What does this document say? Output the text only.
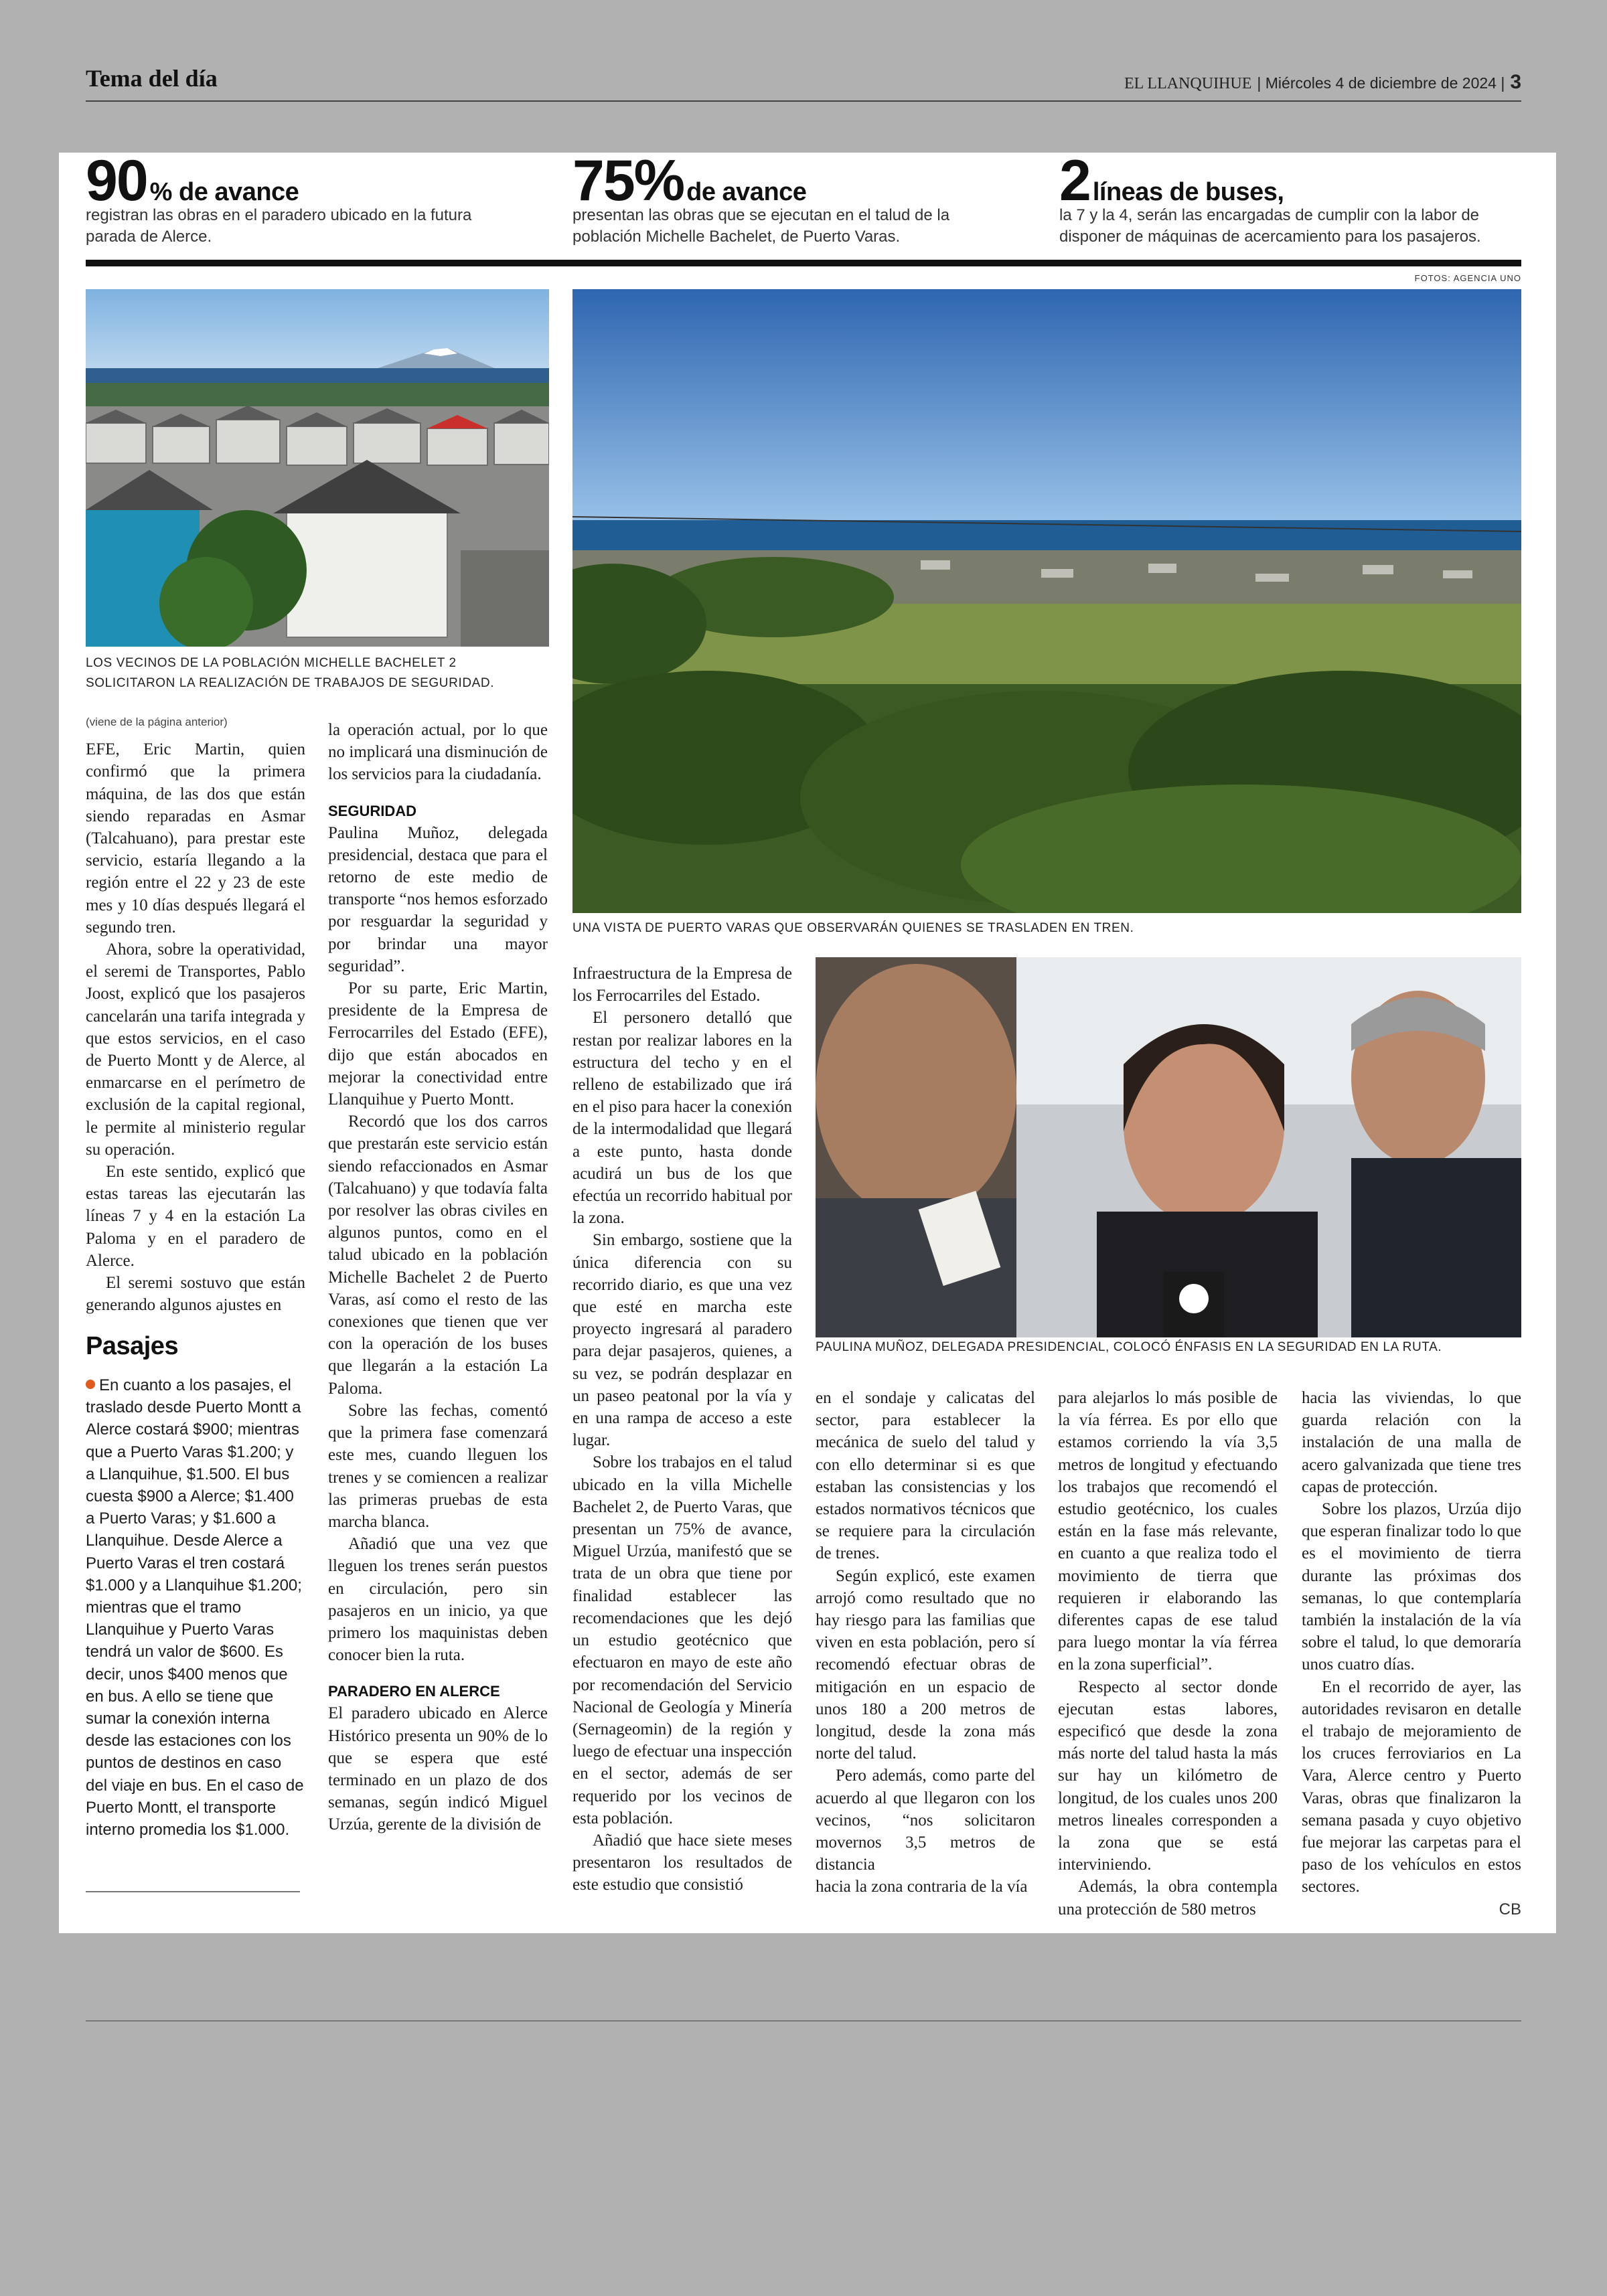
Tema del día	EL LLANQUIHUE | Miércoles 4 de diciembre de 2024 | 3
90 % de avance
registran las obras en el paradero ubicado en la futura parada de Alerce.
75% de avance
presentan las obras que se ejecutan en el talud de la población Michelle Bachelet, de Puerto Varas.
2 líneas de buses,
la 7 y la 4, serán las encargadas de cumplir con la labor de disponer de máquinas de acercamiento para los pasajeros.
FOTOS: AGENCIA UNO
LOS VECINOS DE LA POBLACIÓN MICHELLE BACHELET 2 SOLICITARON LA REALIZACIÓN DE TRABAJOS DE SEGURIDAD.
UNA VISTA DE PUERTO VARAS QUE OBSERVARÁN QUIENES SE TRASLADEN EN TREN.
PAULINA MUÑOZ, DELEGADA PRESIDENCIAL, COLOCÓ ÉNFASIS EN LA SEGURIDAD EN LA RUTA.
(viene de la página anterior)

EFE, Eric Martin, quien confirmó que la primera máquina, de las dos que están siendo reparadas en Asmar (Talcahuano), para prestar este servicio, estaría llegando a la región entre el 22 y 23 de este mes y 10 días después llegará el segundo tren.

Ahora, sobre la operatividad, el seremi de Transportes, Pablo Joost, explicó que los pasajeros cancelarán una tarifa integrada y que estos servicios, en el caso de Puerto Montt y de Alerce, al enmarcarse en el perímetro de exclusión de la capital regional, le permite al ministerio regular su operación.

En este sentido, explicó que estas tareas las ejecutarán las líneas 7 y 4 en la estación La Paloma y en el paradero de Alerce.

El seremi sostuvo que están generando algunos ajustes en

Pasajes
En cuanto a los pasajes, el traslado desde Puerto Montt a Alerce costará $900; mientras que a Puerto Varas $1.200; y a Llanquihue, $1.500. El bus cuesta $900 a Alerce; $1.400 a Puerto Varas; y $1.600 a Llanquihue. Desde Alerce a Puerto Varas el tren costará $1.000 y a Llanquihue $1.200; mientras que el tramo Llanquihue y Puerto Varas tendrá un valor de $600. Es decir, unos $400 menos que en bus. A ello se tiene que sumar la conexión interna desde las estaciones con los puntos de destinos en caso del viaje en bus. En el caso de Puerto Montt, el transporte interno promedia los $1.000.

la operación actual, por lo que no implicará una disminución de los servicios para la ciudadanía.

SEGURIDAD

Paulina Muñoz, delegada presidencial, destaca que para el retorno de este medio de transporte “nos hemos esforzado por resguardar la seguridad y por brindar una mayor seguridad”.

Por su parte, Eric Martin, presidente de la Empresa de Ferrocarriles del Estado (EFE), dijo que están abocados en mejorar la conectividad entre Llanquihue y Puerto Montt.

Recordó que los dos carros que prestarán este servicio están siendo refaccionados en Asmar (Talcahuano) y que todavía falta por resolver las obras civiles en algunos puntos, como en el talud ubicado en la población Michelle Bachelet 2 de Puerto Varas, así como el resto de las conexiones que tienen que ver con la operación de los buses que llegarán a la estación La Paloma.

Sobre las fechas, comentó que la primera fase comenzará este mes, cuando lleguen los trenes y se comiencen a realizar las primeras pruebas de esta marcha blanca.

Añadió que una vez que lleguen los trenes serán puestos en circulación, pero sin pasajeros en un inicio, ya que primero los maquinistas deben conocer bien la ruta.

PARADERO EN ALERCE

El paradero ubicado en Alerce Histórico presenta un 90% de lo que se espera que esté terminado en un plazo de dos semanas, según indicó Miguel Urzúa, gerente de la división de

Infraestructura de la Empresa de los Ferrocarriles del Estado.

El personero detalló que restan por realizar labores en la estructura del techo y en el relleno de estabilizado que irá en el piso para hacer la conexión de la intermodalidad que llegará a este punto, hasta donde acudirá un bus de los que efectúa un recorrido habitual por la zona.

Sin embargo, sostiene que la única diferencia con su recorrido diario, es que una vez que esté en marcha este proyecto ingresará al paradero para dejar pasajeros, quienes, a su vez, se podrán desplazar en un paseo peatonal por la vía y en una rampa de acceso a este lugar.

Sobre los trabajos en el talud ubicado en la villa Michelle Bachelet 2, de Puerto Varas, que presentan un 75% de avance, Miguel Urzúa, manifestó que se trata de un obra que tiene por finalidad establecer las recomendaciones que les dejó un estudio geotécnico que efectuaron en mayo de este año por recomendación del Servicio Nacional de Geología y Minería (Sernageomin) de la región y luego de efectuar una inspección en el sector, además de ser requerido por los vecinos de esta población.

Añadió que hace siete meses presentaron los resultados de este estudio que consistió

en el sondaje y calicatas del sector, para establecer la mecánica de suelo del talud y con ello determinar si es que estaban las consistencias y los estados normativos técnicos que se requiere para la circulación de trenes.

Según explicó, este examen arrojó como resultado que no hay riesgo para las familias que viven en esta población, pero sí recomendó efectuar obras de mitigación en un espacio de unos 180 a 200 metros de longitud, desde la zona más norte del talud.

Pero además, como parte del acuerdo al que llegaron con los vecinos, “nos solicitaron movernos 3,5 metros de distancia

hacia la zona contraria de la vía

para alejarlos lo más posible de la vía férrea. Es por ello que estamos corriendo la vía 3,5 metros de longitud y efectuando los trabajos que recomendó el estudio geotécnico, los cuales están en la fase más relevante, en cuanto a que realiza todo el movimiento de tierra que requieren ir elaborando las diferentes capas de ese talud para luego montar la vía férrea en la zona superficial”.

Respecto al sector donde ejecutan estas labores, especificó que desde la zona más norte del talud hasta la más sur hay un kilómetro de longitud, de los cuales unos 200 metros lineales corresponden a la zona que se está interviniendo.

Además, la obra contempla una protección de 580 metros

hacia las viviendas, lo que guarda relación con la instalación de una malla de acero galvanizada que tiene tres capas de protección.

Sobre los plazos, Urzúa dijo que esperan finalizar todo lo que es el movimiento de tierra durante las próximas dos semanas, lo que contemplaría también la instalación de la vía sobre el talud, lo que demoraría unos cuatro días.

En el recorrido de ayer, las autoridades revisaron en detalle el trabajo de mejoramiento de los cruces ferroviarios en La Vara, Alerce centro y Puerto Varas, obras que finalizaron la semana pasada y cuyo objetivo fue mejorar las carpetas para el paso de los vehículos en estos sectores.

CB
